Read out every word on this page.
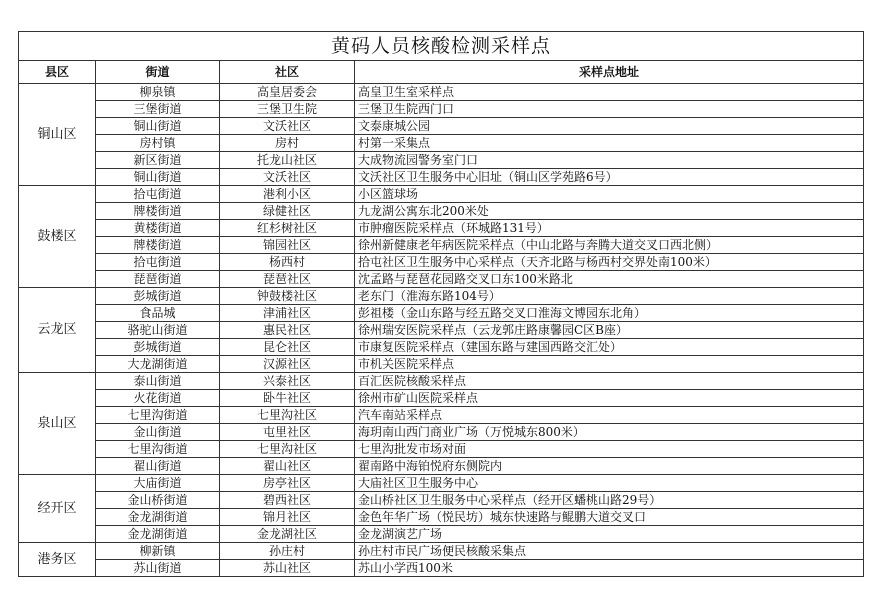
黄码人员核酸检测采样点			
县区	街道	社区	采样点地址
铜山区	柳泉镇	高皇居委会	高皇卫生室采样点
	三堡街道	三堡卫生院	三堡卫生院西门口
	铜山街道	文沃社区	文泰康城公园
	房村镇	房村	村第一采集点
	新区街道	托龙山社区	大成物流园警务室门口
	铜山街道	文沃社区	文沃社区卫生服务中心旧址（铜山区学苑路6号）
鼓楼区	拾屯街道	港利小区	小区篮球场
	牌楼街道	绿健社区	九龙湖公寓东北200米处
	黄楼街道	红杉树社区	市肿瘤医院采样点（环城路131号）
	牌楼街道	锦园社区	徐州新健康老年病医院采样点（中山北路与奔腾大道交叉口西北侧）
	拾屯街道	杨西村	拾屯社区卫生服务中心采样点（天齐北路与杨西村交界处南100米）
	琵琶街道	琵琶社区	沈孟路与琵琶花园路交叉口东100米路北
云龙区	彭城街道	钟鼓楼社区	老东门（淮海东路104号）
	食品城	津浦社区	彭祖楼（金山东路与经五路交叉口淮海文博园东北角）
	骆驼山街道	惠民社区	徐州瑞安医院采样点（云龙郭庄路康馨园C区B座）
	彭城街道	昆仑社区	市康复医院采样点（建国东路与建国西路交汇处）
	大龙湖街道	汉源社区	市机关医院采样点
泉山区	泰山街道	兴泰社区	百汇医院核酸采样点
	火花街道	卧牛社区	徐州市矿山医院采样点
	七里沟街道	七里沟社区	汽车南站采样点
	金山街道	屯里社区	海玥南山西门商业广场（万悦城东800米）
	七里沟街道	七里沟社区	七里沟批发市场对面
	翟山街道	翟山社区	翟南路中海铂悦府东侧院内
经开区	大庙街道	房亭社区	大庙社区卫生服务中心
	金山桥街道	碧西社区	金山桥社区卫生服务中心采样点（经开区蟠桃山路29号）
	金龙湖街道	锦月社区	金色年华广场（悦民坊）城东快速路与鲲鹏大道交叉口
	金龙湖街道	金龙湖社区	金龙湖演艺广场
港务区	柳新镇	孙庄村	孙庄村市民广场便民核酸采集点
	苏山街道	苏山社区	苏山小学西100米
